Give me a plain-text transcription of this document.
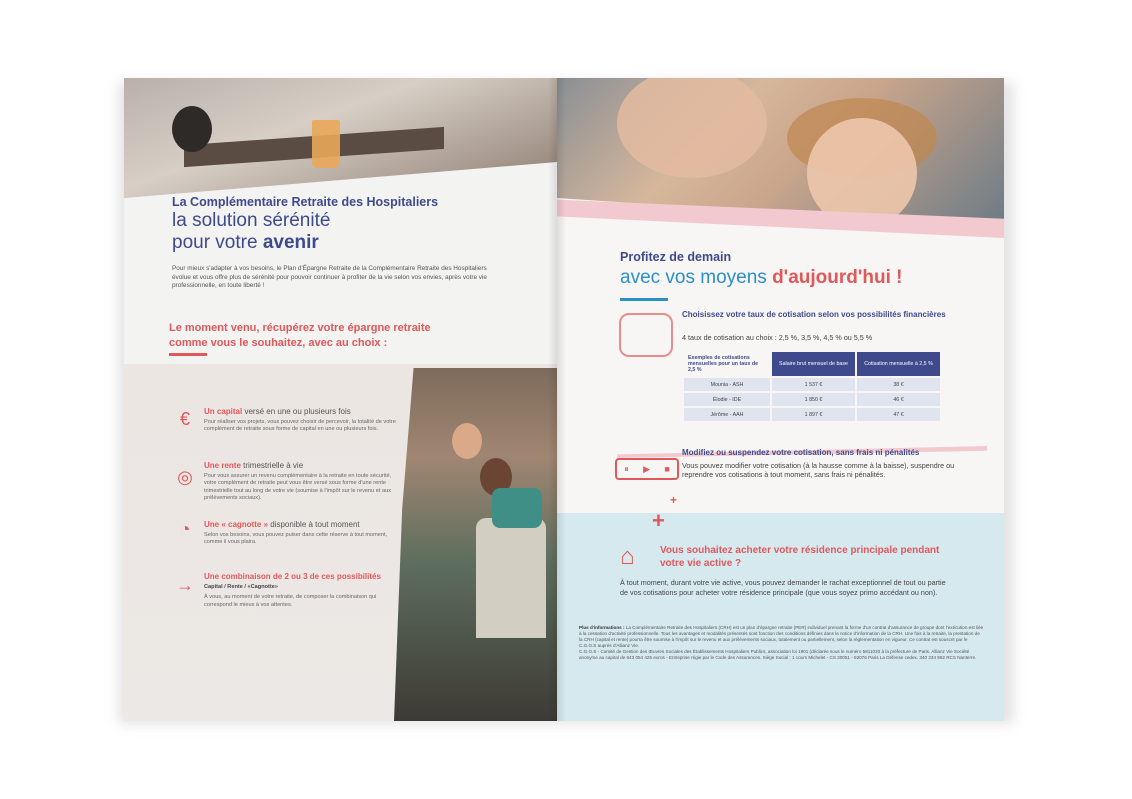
La Complémentaire Retraite des Hospitaliers
la solution sérénité
pour votre avenir
Pour mieux s'adapter à vos besoins, le Plan d'Épargne Retraite de la Complémentaire Retraite des Hospitaliers évolue et vous offre plus de sérénité pour pouvoir continuer à profiter de la vie selon vos envies, après votre vie professionnelle, en toute liberté !
Le moment venu, récupérez votre épargne retraite comme vous le souhaitez, avec au choix :
€	Un capital versé en une ou plusieurs fois
Pour réaliser vos projets, vous pouvez choisir de percevoir, la totalité de votre complément de retraite sous forme de capital en une ou plusieurs fois.
◎
Une rente trimestrielle à vie
Pour vous assurer un revenu complémentaire à la retraite en toute sécurité, votre complément de retraite peut vous être versé sous forme d'une rente trimestrielle tout au long de votre vie (soumise à l'impôt sur le revenu et aux prélèvements sociaux).
◔	Une « cagnotte » disponible à tout moment
Selon vos besoins, vous pouvez puiser dans cette réserve à tout moment, comme il vous plaira.
→ Une combinaison de 2 ou 3 de ces possibilités
Capital / Rente / «Cagnotte»
À vous, au moment de votre retraite, de composer la combinaison qui correspond le mieux à vos attentes.
Profitez de demain
avec vos moyens d'aujourd'hui !
Choisissez votre taux de cotisation selon vos possibilités financières
4 taux de cotisation au choix : 2,5 %, 3,5 %, 4,5 % ou 5,5 %
Exemples de cotisations mensuelles pour un taux de 2,5 %	Salaire brut mensuel de base	Cotisation mensuelle à 2,5 %
Mounia - ASH	1 537 €	38 €
Élodie - IDE	1 850 €	46 €
Jérôme - AAH	1 897 €	47 €
⏸ ▶ ■
Modifiez ou suspendez votre cotisation, sans frais ni pénalités
Vous pouvez modifier votre cotisation (à la hausse comme à la baisse), suspendre ou reprendre vos cotisations à tout moment, sans frais ni pénalités.
+
+
⌂	Vous souhaitez acheter votre résidence principale pendant votre vie active ?
À tout moment, durant votre vie active, vous pouvez demander le rachat exceptionnel de tout ou partie de vos cotisations pour acheter votre résidence principale (que vous soyez primo accédant ou non).
Plus d'informations : La Complémentaire Retraite des Hospitaliers (CRH) est un plan d'épargne retraite (PER) individuel prenant la forme d'un contrat d'assurance de groupe dont l'exécution est liée à la cessation d'activité professionnelle. Tous les avantages et modalités présentés sont fonction des conditions définies dans la notice d'information de la CRH. Une fois à la retraite, la prestation de la CRH (capital et rente) pourra être soumise à l'impôt sur le revenu et aux prélèvements sociaux, totalement ou partiellement, selon la réglementation en vigueur. Ce contrat est souscrit par le C.G.O.S auprès d'Allianz Vie.
C.G.O.S - Comité de Gestion des Œuvres Sociales des Établissements Hospitaliers Publics, association loi 1901 (déclarée sous le numéro 5811020 à la préfecture de Paris. Allianz Vie Société anonyme au capital de 643 054 425 euros - Entreprise régie par le Code des Assurances. Siège Social : 1 cours Michelet - CS 30051 - 92076 Paris La Défense cedex. 340 234 962 RCS Nanterre.
